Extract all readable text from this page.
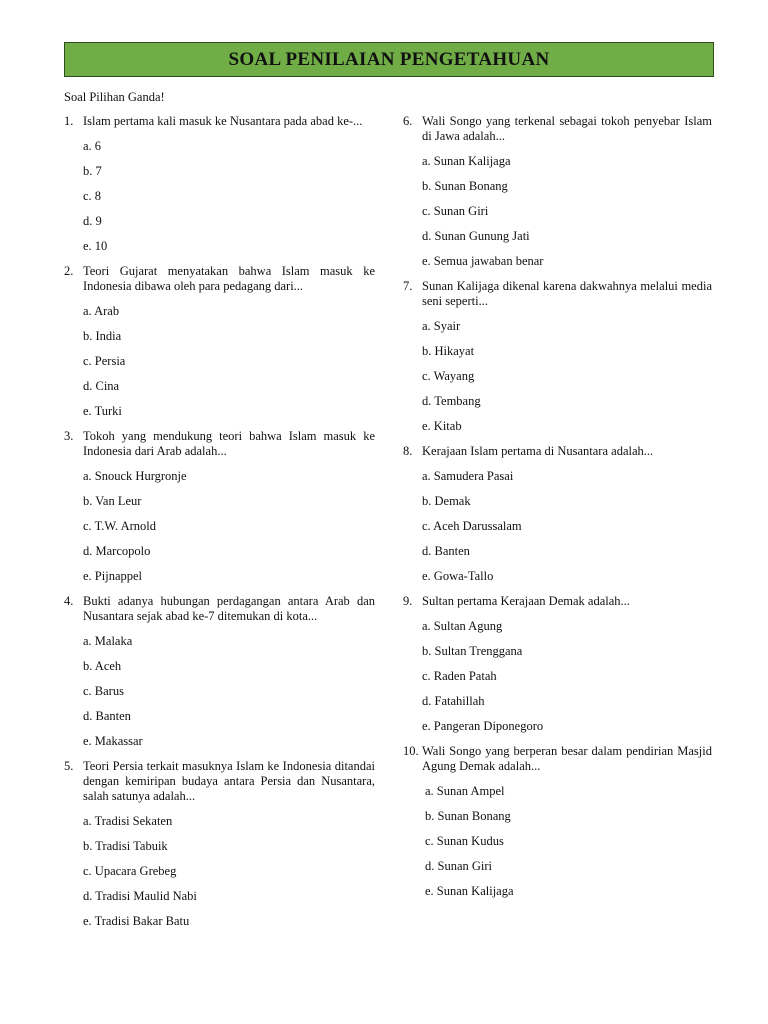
SOAL PENILAIAN PENGETAHUAN
Soal Pilihan Ganda!
1. Islam pertama kali masuk ke Nusantara pada abad ke-...
a. 6
b. 7
c. 8
d. 9
e. 10
2. Teori Gujarat menyatakan bahwa Islam masuk ke Indonesia dibawa oleh para pedagang dari...
a. Arab
b. India
c. Persia
d. Cina
e. Turki
3. Tokoh yang mendukung teori bahwa Islam masuk ke Indonesia dari Arab adalah...
a. Snouck Hurgronje
b. Van Leur
c. T.W. Arnold
d. Marcopolo
e. Pijnappel
4. Bukti adanya hubungan perdagangan antara Arab dan Nusantara sejak abad ke-7 ditemukan di kota...
a. Malaka
b. Aceh
c. Barus
d. Banten
e. Makassar
5. Teori Persia terkait masuknya Islam ke Indonesia ditandai dengan kemiripan budaya antara Persia dan Nusantara, salah satunya adalah...
a. Tradisi Sekaten
b. Tradisi Tabuik
c. Upacara Grebeg
d. Tradisi Maulid Nabi
e. Tradisi Bakar Batu
6. Wali Songo yang terkenal sebagai tokoh penyebar Islam di Jawa adalah...
a. Sunan Kalijaga
b. Sunan Bonang
c. Sunan Giri
d. Sunan Gunung Jati
e. Semua jawaban benar
7. Sunan Kalijaga dikenal karena dakwahnya melalui media seni seperti...
a. Syair
b. Hikayat
c. Wayang
d. Tembang
e. Kitab
8. Kerajaan Islam pertama di Nusantara adalah...
a. Samudera Pasai
b. Demak
c. Aceh Darussalam
d. Banten
e. Gowa-Tallo
9. Sultan pertama Kerajaan Demak adalah...
a. Sultan Agung
b. Sultan Trenggana
c. Raden Patah
d. Fatahillah
e. Pangeran Diponegoro
10. Wali Songo yang berperan besar dalam pendirian Masjid Agung Demak adalah...
a. Sunan Ampel
b. Sunan Bonang
c. Sunan Kudus
d. Sunan Giri
e. Sunan Kalijaga
